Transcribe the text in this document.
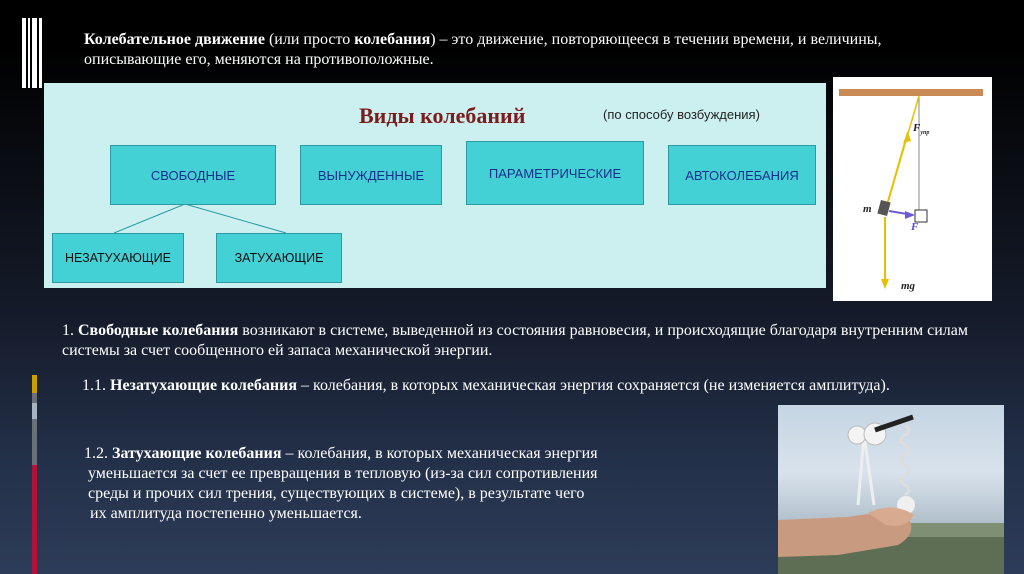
Колебательное движение (или просто колебания) – это движение, повторяющееся в течении времени, и величины, описывающие его, меняются на противоположные.
Виды колебаний	(по способу возбуждения)
СВОБОДНЫЕ	ВЫНУЖДЕННЫЕ	ПАРАМЕТРИЧЕСКИЕ	АВТОКОЛЕБАНИЯ
НЕЗАТУХАЮЩИЕ	ЗАТУХАЮЩИЕ
m
F
$F_{упр}$
mg
1. Свободные колебания возникают в системе, выведенной из состояния равновесия, и происходящие благодаря внутренним силам системы за счет сообщенного ей запаса механической энергии.
1.1. Незатухающие колебания – колебания, в которых механическая энергия сохраняется (не изменяется амплитуда).
1.2. Затухающие колебания – колебания, в которых механическая энергия
уменьшается за счет ее превращения в тепловую (из-за сил сопротивления
среды и прочих сил трения, существующих в системе), в результате чего
их амплитуда постепенно уменьшается.
